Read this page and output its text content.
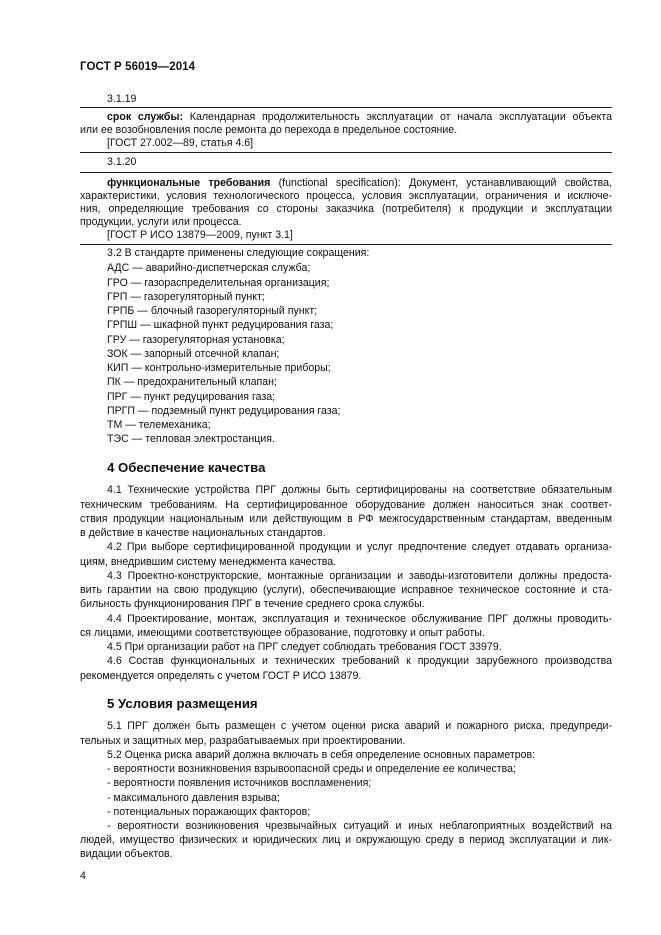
ГОСТ Р 56019—2014
3.1.19
срок службы: Календарная продолжительность эксплуатации от начала эксплуатации объекта
или ее возобновления после ремонта до перехода в предельное состояние.
[ГОСТ 27.002—89, статья 4.6]
3.1.20
функциональные требования (functional specification): Документ, устанавливающий свойства,
характеристики, условия технологического процесса, условия эксплуатации, ограничения и исключе-
ния, определяющие требования со стороны заказчика (потребителя) к продукции и эксплуатации
продукции, услуги или процесса.
[ГОСТ Р ИСО 13879—2009, пункт 3.1]
3.2 В стандарте применены следующие сокращения:
АДС — аварийно-диспетчерская служба;
ГРО — газораспределительная организация;
ГРП — газорегуляторный пункт;
ГРПБ — блочный газорегуляторный пункт;
ГРПШ — шкафной пункт редуцирования газа;
ГРУ — газорегуляторная установка;
ЗОК — запорный отсечной клапан;
КИП — контрольно-измерительные приборы;
ПК — предохранительный клапан;
ПРГ — пункт редуцирования газа;
ПРГП — подземный пункт редуцирования газа;
ТМ — телемеханика;
ТЭС — тепловая электростанция.
4 Обеспечение качества
4.1 Технические устройства ПРГ должны быть сертифицированы на соответствие обязательным
техническим требованиям. На сертифицированное оборудование должен наноситься знак соответ-
ствия продукции национальным или действующим в РФ межгосударственным стандартам, введенным
в действие в качестве национальных стандартов.
4.2 При выборе сертифицированной продукции и услуг предпочтение следует отдавать организа-
циям, внедрившим систему менеджмента качества.
4.3 Проектно-конструкторские, монтажные организации и заводы-изготовители должны предоста-
вить гарантии на свою продукцию (услуги), обеспечивающие исправное техническое состояние и ста-
бильность функционирования ПРГ в течение среднего срока службы.
4.4 Проектирование, монтаж, эксплуатация и техническое обслуживание ПРГ должны проводить-
ся лицами, имеющими соответствующее образование, подготовку и опыт работы.
4.5 При организации работ на ПРГ следует соблюдать требования ГОСТ 33979.
4.6 Состав функциональных и технических требований к продукции зарубежного производства
рекомендуется определять с учетом ГОСТ Р ИСО 13879.
5 Условия размещения
5.1 ПРГ должен быть размещен с учетом оценки риска аварий и пожарного риска, предупреди-
тельных и защитных мер, разрабатываемых при проектировании.
5.2 Оценка риска аварий должна включать в себя определение основных параметров:
- вероятности возникновения взрывоопасной среды и определение ее количества;
- вероятности появления источников воспламенения;
- максимального давления взрыва;
- потенциальных поражающих факторов;
- вероятности возникновения чрезвычайных ситуаций и иных неблагоприятных воздействий на
людей, имущество физических и юридических лиц и окружающую среду в период эксплуатации и лик-
видации объектов.
4
